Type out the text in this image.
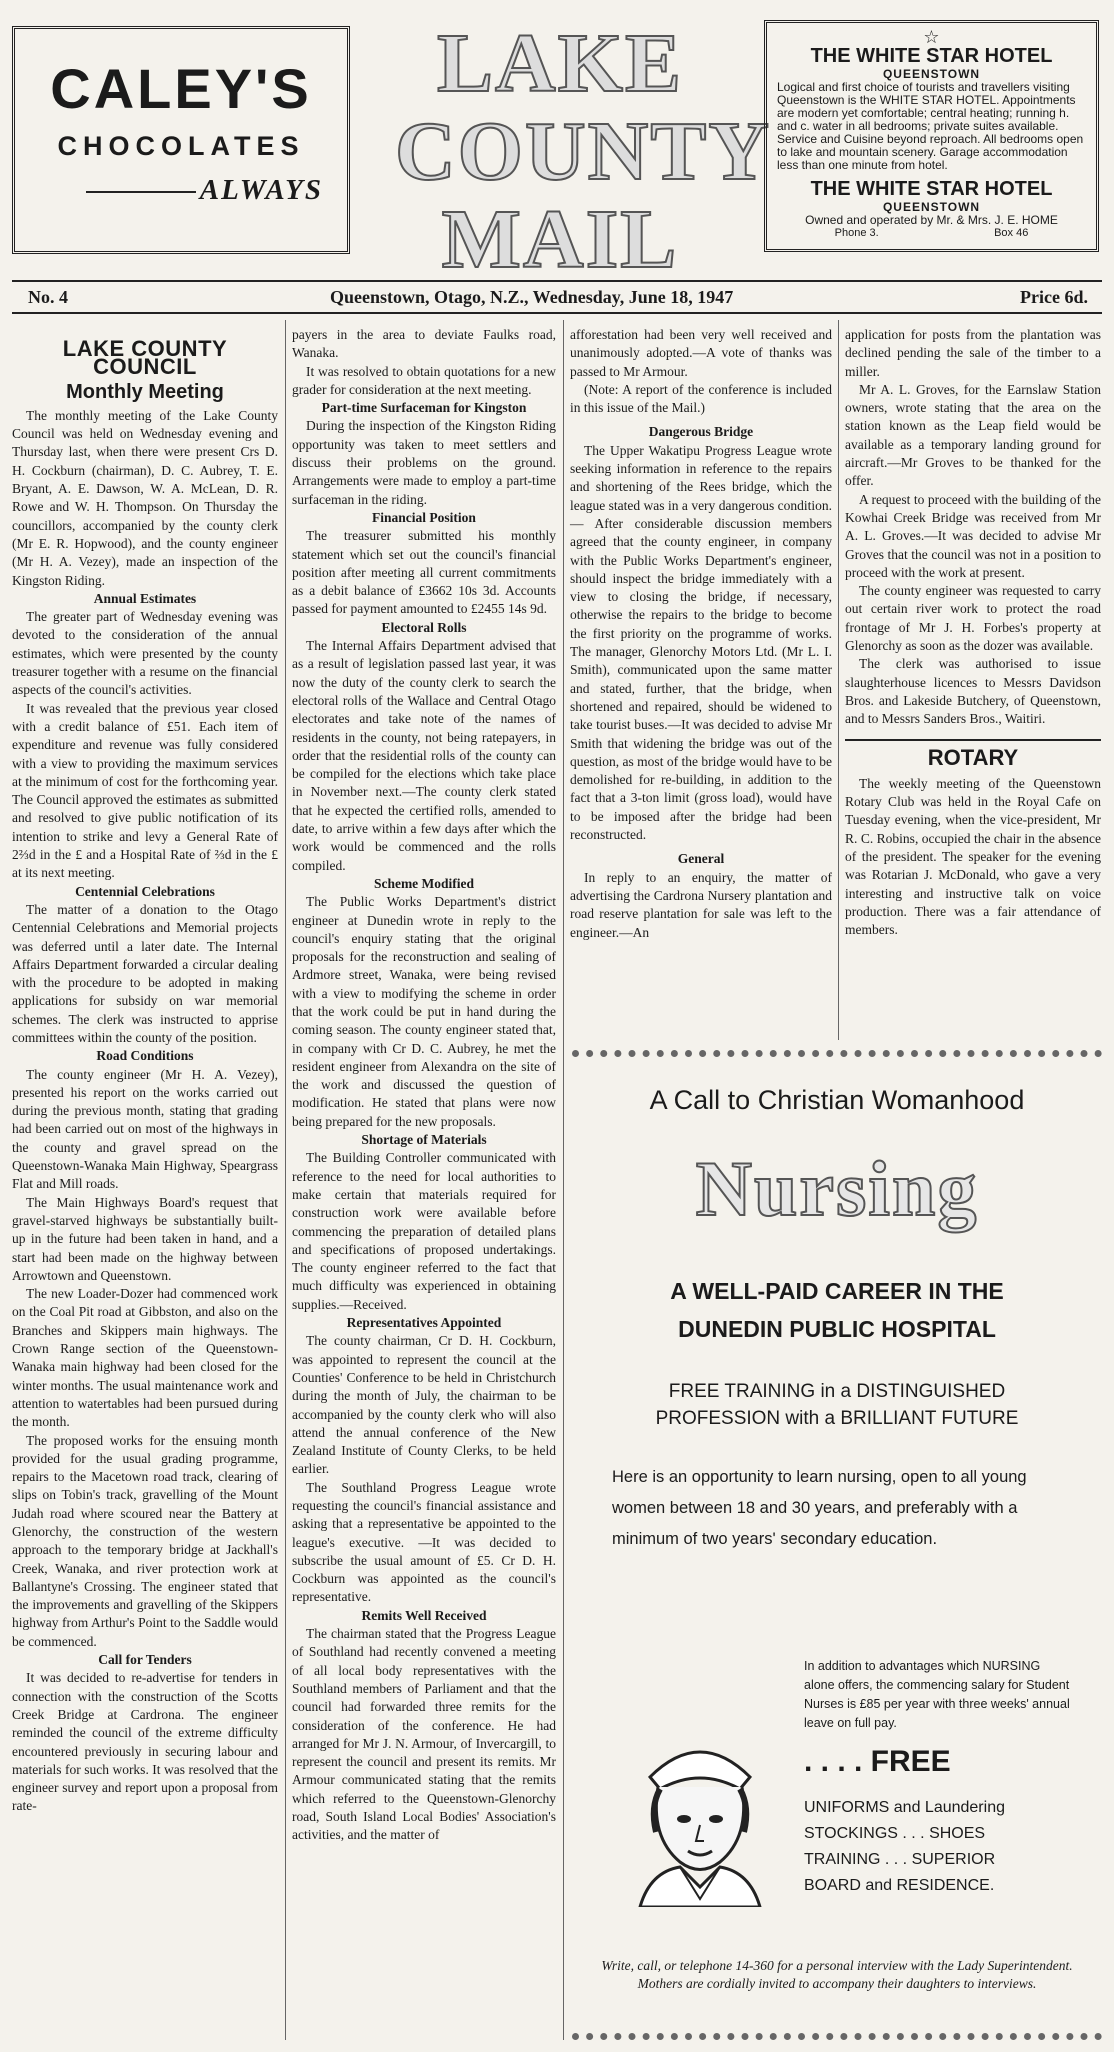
CALEY'S
CHOCOLATES
ALWAYS
LAKE
COUNTY
MAIL
☆
THE WHITE STAR HOTEL
QUEENSTOWN
Logical and first choice of tourists and travellers visiting Queenstown is the WHITE STAR HOTEL. Appointments are modern yet comfortable; central heating; running h. and c. water in all bedrooms; private suites available. Service and Cuisine beyond reproach. All bedrooms open to lake and mountain scenery. Garage accommodation less than one minute from hotel.
THE WHITE STAR HOTEL
QUEENSTOWN
Owned and operated by Mr. & Mrs. J. E. HOME
Phone 3.	Box 46
No. 4	Queenstown, Otago, N.Z., Wednesday, June 18, 1947	Price 6d.
LAKE COUNTY COUNCIL
Monthly Meeting

The monthly meeting of the Lake County Council was held on Wednesday evening and Thursday last, when there were present Crs D. H. Cockburn (chairman), D. C. Aubrey, T. E. Bryant, A. E. Dawson, W. A. McLean, D. R. Rowe and W. H. Thompson. On Thursday the councillors, accompanied by the county clerk (Mr E. R. Hopwood), and the county engineer (Mr H. A. Vezey), made an inspection of the Kingston Riding.

Annual Estimates

The greater part of Wednesday evening was devoted to the consideration of the annual estimates, which were presented by the county treasurer together with a resume on the financial aspects of the council's activities.

It was revealed that the previous year closed with a credit balance of £51. Each item of expenditure and revenue was fully considered with a view to providing the maximum services at the minimum of cost for the forthcoming year. The Council approved the estimates as submitted and resolved to give public notification of its intention to strike and levy a General Rate of 2⅔d in the £ and a Hospital Rate of ⅔d in the £ at its next meeting.

Centennial Celebrations

The matter of a donation to the Otago Centennial Celebrations and Memorial projects was deferred until a later date. The Internal Affairs Department forwarded a circular dealing with the procedure to be adopted in making applications for subsidy on war memorial schemes. The clerk was instructed to apprise committees within the county of the position.

Road Conditions

The county engineer (Mr H. A. Vezey), presented his report on the works carried out during the previous month, stating that grading had been carried out on most of the highways in the county and gravel spread on the Queenstown-Wanaka Main Highway, Speargrass Flat and Mill roads.

The Main Highways Board's request that gravel-starved highways be substantially built-up in the future had been taken in hand, and a start had been made on the highway between Arrowtown and Queenstown.

The new Loader-Dozer had commenced work on the Coal Pit road at Gibbston, and also on the Branches and Skippers main highways. The Crown Range section of the Queenstown-Wanaka main highway had been closed for the winter months. The usual maintenance work and attention to watertables had been pursued during the month.

The proposed works for the ensuing month provided for the usual grading programme, repairs to the Macetown road track, clearing of slips on Tobin's track, gravelling of the Mount Judah road where scoured near the Battery at Glenorchy, the construction of the western approach to the temporary bridge at Jackhall's Creek, Wanaka, and river protection work at Ballantyne's Crossing. The engineer stated that the improvements and gravelling of the Skippers highway from Arthur's Point to the Saddle would be commenced.

Call for Tenders

It was decided to re-advertise for tenders in connection with the construction of the Scotts Creek Bridge at Cardrona. The engineer reminded the council of the extreme difficulty encountered previously in securing labour and materials for such works. It was resolved that the engineer survey and report upon a proposal from rate-

payers in the area to deviate Faulks road, Wanaka.

It was resolved to obtain quotations for a new grader for consideration at the next meeting.

Part-time Surfaceman for Kingston

During the inspection of the Kingston Riding opportunity was taken to meet settlers and discuss their problems on the ground. Arrangements were made to employ a part-time surfaceman in the riding.

Financial Position

The treasurer submitted his monthly statement which set out the council's financial position after meeting all current commitments as a debit balance of £3662 10s 3d. Accounts passed for payment amounted to £2455 14s 9d.

Electoral Rolls

The Internal Affairs Department advised that as a result of legislation passed last year, it was now the duty of the county clerk to search the electoral rolls of the Wallace and Central Otago electorates and take note of the names of residents in the county, not being ratepayers, in order that the residential rolls of the county can be compiled for the elections which take place in November next.—The county clerk stated that he expected the certified rolls, amended to date, to arrive within a few days after which the work would be commenced and the rolls compiled.

Scheme Modified

The Public Works Department's district engineer at Dunedin wrote in reply to the council's enquiry stating that the original proposals for the reconstruction and sealing of Ardmore street, Wanaka, were being revised with a view to modifying the scheme in order that the work could be put in hand during the coming season. The county engineer stated that, in company with Cr D. C. Aubrey, he met the resident engineer from Alexandra on the site of the work and discussed the question of modification. He stated that plans were now being prepared for the new proposals.

Shortage of Materials

The Building Controller communicated with reference to the need for local authorities to make certain that materials required for construction work were available before commencing the preparation of detailed plans and specifications of proposed undertakings. The county engineer referred to the fact that much difficulty was experienced in obtaining supplies.—Received.

Representatives Appointed

The county chairman, Cr D. H. Cockburn, was appointed to represent the council at the Counties' Conference to be held in Christchurch during the month of July, the chairman to be accompanied by the county clerk who will also attend the annual conference of the New Zealand Institute of County Clerks, to be held earlier.

The Southland Progress League wrote requesting the council's financial assistance and asking that a representative be appointed to the league's executive. —It was decided to subscribe the usual amount of £5. Cr D. H. Cockburn was appointed as the council's representative.

Remits Well Received

The chairman stated that the Progress League of Southland had recently convened a meeting of all local body representatives with the Southland members of Parliament and that the council had forwarded three remits for the consideration of the conference. He had arranged for Mr J. N. Armour, of Invercargill, to represent the council and present its remits. Mr Armour communicated stating that the remits which referred to the Queenstown-Glenorchy road, South Island Local Bodies' Association's activities, and the matter of

afforestation had been very well received and unanimously adopted.—A vote of thanks was passed to Mr Armour.

(Note: A report of the conference is included in this issue of the Mail.)

Dangerous Bridge

The Upper Wakatipu Progress League wrote seeking information in reference to the repairs and shortening of the Rees bridge, which the league stated was in a very dangerous condition.— After considerable discussion members agreed that the county engineer, in company with the Public Works Department's engineer, should inspect the bridge immediately with a view to closing the bridge, if necessary, otherwise the repairs to the bridge to become the first priority on the programme of works. The manager, Glenorchy Motors Ltd. (Mr L. I. Smith), communicated upon the same matter and stated, further, that the bridge, when shortened and repaired, should be widened to take tourist buses.—It was decided to advise Mr Smith that widening the bridge was out of the question, as most of the bridge would have to be demolished for re-building, in addition to the fact that a 3-ton limit (gross load), would have to be imposed after the bridge had been reconstructed.

General

In reply to an enquiry, the matter of advertising the Cardrona Nursery plantation and road reserve plantation for sale was left to the engineer.—An

application for posts from the plantation was declined pending the sale of the timber to a miller.

Mr A. L. Groves, for the Earnslaw Station owners, wrote stating that the area on the station known as the Leap field would be available as a temporary landing ground for aircraft.—Mr Groves to be thanked for the offer.

A request to proceed with the building of the Kowhai Creek Bridge was received from Mr A. L. Groves.—It was decided to advise Mr Groves that the council was not in a position to proceed with the work at present.

The county engineer was requested to carry out certain river work to protect the road frontage of Mr J. H. Forbes's property at Glenorchy as soon as the dozer was available.

The clerk was authorised to issue slaughterhouse licences to Messrs Davidson Bros. and Lakeside Butchery, of Queenstown, and to Messrs Sanders Bros., Waitiri.

ROTARY

The weekly meeting of the Queenstown Rotary Club was held in the Royal Cafe on Tuesday evening, when the vice-president, Mr R. C. Robins, occupied the chair in the absence of the president. The speaker for the evening was Rotarian J. McDonald, who gave a very interesting and instructive talk on voice production. There was a fair attendance of members.

A Call to Christian Womanhood
Nursing
A WELL-PAID CAREER IN THE
DUNEDIN PUBLIC HOSPITAL
FREE TRAINING in a DISTINGUISHED
PROFESSION with a BRILLIANT FUTURE
Here is an opportunity to learn nursing, open to all young women between 18 and 30 years, and preferably with a minimum of two years' secondary education.
In addition to advantages which NURSING alone offers, the commencing salary for Student Nurses is £85 per year with three weeks' annual leave on full pay.
. . . . FREE
UNIFORMS and Laundering
STOCKINGS . . . SHOES
TRAINING . . . SUPERIOR
BOARD and RESIDENCE.
Write, call, or telephone 14-360 for a personal interview with the Lady Superintendent. Mothers are cordially invited to accompany their daughters to interviews.
